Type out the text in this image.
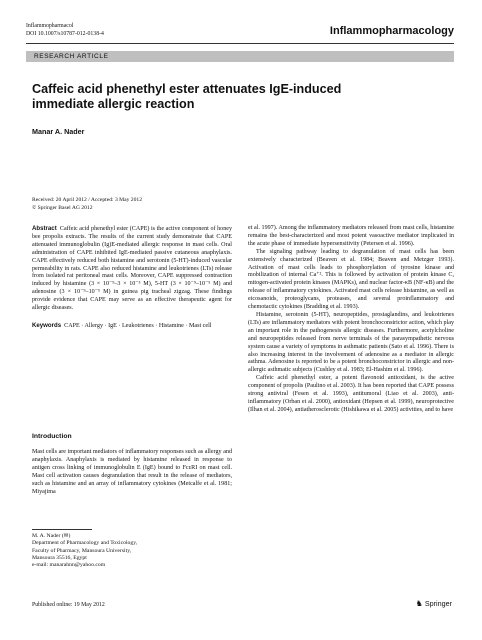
Inflammopharmacol
DOI 10.1007/s10787-012-0138-4	Inflammopharmacology
RESEARCH ARTICLE
Caffeic acid phenethyl ester attenuates IgE-induced immediate allergic reaction
Manar A. Nader
Received: 20 April 2012 / Accepted: 3 May 2012
© Springer Basel AG 2012

Abstract Caffeic acid phenethyl ester (CAPE) is the active component of honey bee propolis extracts. The results of the current study demonstrate that CAPE attenuated immunoglobulin (Ig)E-mediated allergic response in mast cells. Oral administration of CAPE inhibited IgE-mediated passive cutaneous anaphylaxis. CAPE effectively reduced both histamine and serotonin (5-HT)-induced vascular permeability in rats. CAPE also reduced histamine and leukotrienes (LTs) release from isolated rat peritoneal mast cells. Moreover, CAPE suppressed contraction induced by histamine (3 × 10⁻⁹–3 × 10⁻⁵ M), 5-HT (3 × 10⁻⁹–10⁻⁵ M) and adenosine (3 × 10⁻⁹–10⁻⁵ M) in guinea pig tracheal zigzag. These findings provide evidence that CAPE may serve as an effective therapeutic agent for allergic diseases.

Keywords CAPE · Allergy · IgE · Leukotrienes · Histamine · Mast cell

Introduction

Mast cells are important mediators of inflammatory responses such as allergy and anaphylaxis. Anaphylaxis is mediated by histamine released in response to antigen cross linking of immunoglobulin E (IgE) bound to FcεRI on mast cell. Mast cell activation causes degranulation that result in the release of mediators, such as histamine and an array of inflammatory cytokines (Metcalfe et al. 1981; Miyajima

M. A. Nader (✉)
Department of Pharmacology and Toxicology,
Faculty of Pharmacy, Mansoura University,
Mansoura 35516, Egypt
e-mail: manarahnn@yahoo.com

et al. 1997). Among the inflammatory mediators released from mast cells, histamine remains the best-characterized and most potent vasoactive mediator implicated in the acute phase of immediate hypersensitivity (Petersen et al. 1996).

The signaling pathway leading to degranulation of mast cells has been extensively characterized (Beaven et al. 1984; Beaven and Metzger 1993). Activation of mast cells leads to phosphorylation of tyrosine kinase and mobilization of internal Ca⁺². This is followed by activation of protein kinase C, mitogen-activated protein kinases (MAPKs), and nuclear factor-κB (NF-κB) and the release of inflammatory cytokines. Activated mast cells release histamine, as well as eicosanoids, proteoglycans, proteases, and several proinflammatory and chemotactic cytokines (Bradding et al. 1993).

Histamine, serotonin (5-HT), neuropeptides, prostaglandins, and leukotrienes (LTs) are inflammatory mediators with potent bronchoconstrictor action, which play an important role in the pathogenesis allergic diseases. Furthermore, acetylcholine and neuropeptides released from nerve terminals of the parasympathetic nervous system cause a variety of symptoms in asthmatic patients (Sato et al. 1996). There is also increasing interest in the involvement of adenosine as a mediator in allergic asthma. Adenosine is reported to be a potent bronchoconstrictor in allergic and non-allergic asthmatic subjects (Cushley et al. 1983; El-Hashim et al. 1996).

Caffeic acid phenethyl ester, a potent flavonoid antioxidant, is the active component of propolis (Paulino et al. 2003). It has been reported that CAPE possess strong antiviral (Fesen et al. 1993), antitumoral (Liao et al. 2003), anti-inflammatory (Orban et al. 2000), antioxidant (Hepsen et al. 1999), neuroprotective (Ilhan et al. 2004), antiatherosclerotic (Hishikawa et al. 2005) activities, and to have

Published online: 19 May 2012	♞ Springer
